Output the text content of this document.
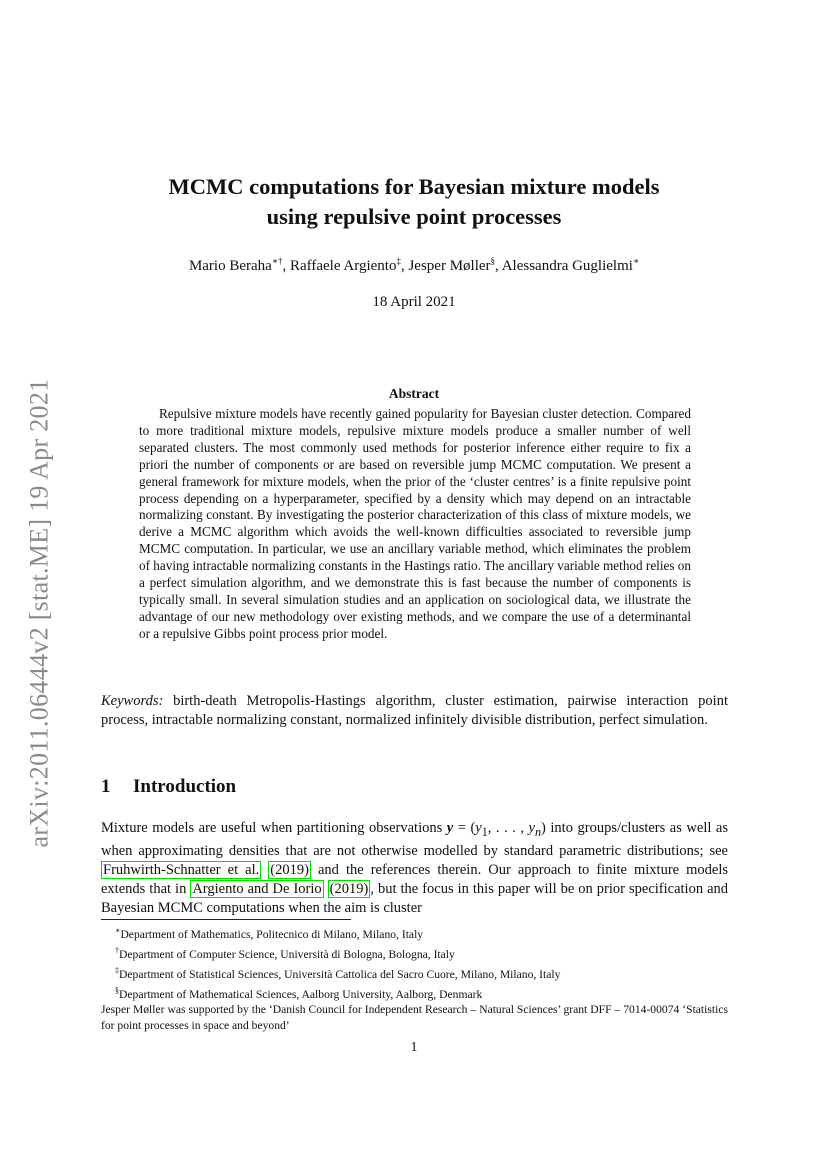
arXiv:2011.06444v2 [stat.ME] 19 Apr 2021
MCMC computations for Bayesian mixture models
using repulsive point processes
Mario Beraha∗†, Raffaele Argiento‡, Jesper Møller§, Alessandra Guglielmi∗
18 April 2021
Abstract
Repulsive mixture models have recently gained popularity for Bayesian cluster detection. Compared to more traditional mixture models, repulsive mixture models produce a smaller number of well separated clusters. The most commonly used methods for posterior inference either require to fix a priori the number of components or are based on reversible jump MCMC computation. We present a general framework for mixture models, when the prior of the ‘cluster centres’ is a finite repulsive point process depending on a hyperparameter, specified by a density which may depend on an intractable normalizing constant. By investigating the posterior characterization of this class of mixture models, we derive a MCMC algorithm which avoids the well-known difficulties associated to reversible jump MCMC computation. In particular, we use an ancillary variable method, which eliminates the problem of having intractable normalizing constants in the Hastings ratio. The ancillary variable method relies on a perfect simulation algorithm, and we demonstrate this is fast because the number of components is typically small. In several simulation studies and an application on sociological data, we illustrate the advantage of our new methodology over existing methods, and we compare the use of a determinantal or a repulsive Gibbs point process prior model.
Keywords: birth-death Metropolis-Hastings algorithm, cluster estimation, pairwise interaction point process, intractable normalizing constant, normalized infinitely divisible distribution, perfect simulation.
1 Introduction
Mixture models are useful when partitioning observations $y = (y_1$, . . . , $y_n$) into groups/clusters as well as when approximating densities that are not otherwise modelled by standard parametric distributions; see Fruhwirth-Schnatter et al. (2019) and the references therein. Our approach to finite mixture models extends that in Argiento and De Iorio (2019) , but the focus in this paper will be on prior specification and Bayesian MCMC computations when the aim is cluster
∗Department of Mathematics, Politecnico di Milano, Milano, Italy
†Department of Computer Science, Università di Bologna, Bologna, Italy
‡Department of Statistical Sciences, Università Cattolica del Sacro Cuore, Milano, Milano, Italy
§Department of Mathematical Sciences, Aalborg University, Aalborg, Denmark
Jesper Møller was supported by the ‘Danish Council for Independent Research – Natural Sciences’ grant DFF – 7014-00074 ‘Statistics for point processes in space and beyond’
1
